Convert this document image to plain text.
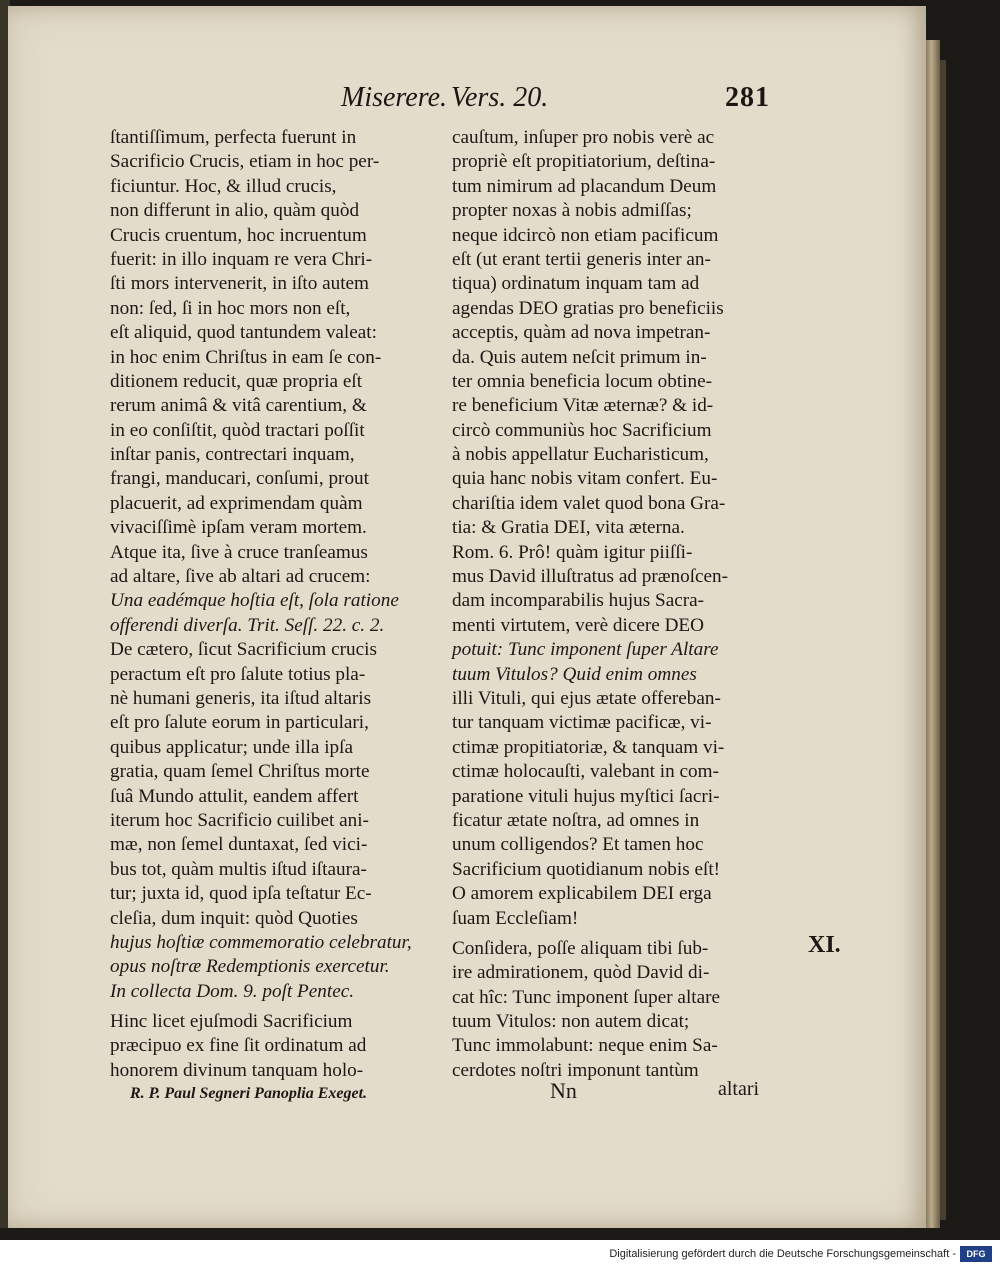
Miserere. Vers. 20.	281
ſtantiſſimum, perfecta fuerunt in
Sacrificio Crucis, etiam in hoc per-
ficiuntur. Hoc, & illud crucis,
non differunt in alio, quàm quòd
Crucis cruentum, hoc incruentum
fuerit: in illo inquam re vera Chri-
ſti mors intervenerit, in iſto autem
non: ſed, ſi in hoc mors non eſt,
eſt aliquid, quod tantundem valeat:
in hoc enim Chriſtus in eam ſe con-
ditionem reducit, quæ propria eſt
rerum animâ & vitâ carentium, &
in eo conſiſtit, quòd tractari poſſit
inſtar panis, contrectari inquam,
frangi, manducari, conſumi, prout
placuerit, ad exprimendam quàm
vivaciſſimè ipſam veram mortem.
Atque ita, ſive à cruce tranſeamus
ad altare, ſive ab altari ad crucem:
Una eadémque hoſtia eſt, ſola ratione
offerendi diverſa. Trit. Seſſ. 22. c. 2.
De cætero, ſicut Sacrificium crucis
peractum eſt pro ſalute totius pla-
nè humani generis, ita iſtud altaris
eſt pro ſalute eorum in particulari,
quibus applicatur; unde illa ipſa
gratia, quam ſemel Chriſtus morte
ſuâ Mundo attulit, eandem affert
iterum hoc Sacrificio cuilibet ani-
mæ, non ſemel duntaxat, ſed vici-
bus tot, quàm multis iſtud iſtaura-
tur; juxta id, quod ipſa teſtatur Ec-
cleſia, dum inquit: quòd Quoties
hujus hoſtiæ commemoratio celebratur,
opus noſtræ Redemptionis exercetur.
In collecta Dom. 9. poſt Pentec.
Hinc licet ejuſmodi Sacrificium
præcipuo ex fine ſit ordinatum ad
honorem divinum tanquam holo-
cauſtum, inſuper pro nobis verè ac
propriè eſt propitiatorium, deſtina-
tum nimirum ad placandum Deum
propter noxas à nobis admiſſas;
neque idcircò non etiam pacificum
eſt (ut erant tertii generis inter an-
tiqua) ordinatum inquam tam ad
agendas DEO gratias pro beneficiis
acceptis, quàm ad nova impetran-
da. Quis autem neſcit primum in-
ter omnia beneficia locum obtine-
re beneficium Vitæ æternæ? & id-
circò communiùs hoc Sacrificium
à nobis appellatur Eucharisticum,
quia hanc nobis vitam confert. Eu-
chariſtia idem valet quod bona Gra-
tia: & Gratia DEI, vita æterna.
Rom. 6. Prô! quàm igitur piiſſi-
mus David illuſtratus ad prænoſcen-
dam incomparabilis hujus Sacra-
menti virtutem, verè dicere DEO
potuit: Tunc imponent ſuper Altare
tuum Vitulos? Quid enim omnes
illi Vituli, qui ejus ætate offereban-
tur tanquam victimæ pacificæ, vi-
ctimæ propitiatoriæ, & tanquam vi-
ctimæ holocauſti, valebant in com-
paratione vituli hujus myſtici ſacri-
ficatur ætate noſtra, ad omnes in
unum colligendos? Et tamen hoc
Sacrificium quotidianum nobis eſt!
O amorem explicabilem DEI erga
ſuam Eccleſiam!
Conſidera, poſſe aliquam tibi ſub-
ire admirationem, quòd David di-
cat hîc: Tunc imponent ſuper altare
tuum Vitulos: non autem dicat;
Tunc immolabunt: neque enim Sa-
cerdotes noſtri imponunt tantùm
XI.
R. P. Paul Segneri Panoplia Exeget.	Nn	altari
Digitalisierung gefördert durch die Deutsche Forschungsgemeinschaft -	DFG
